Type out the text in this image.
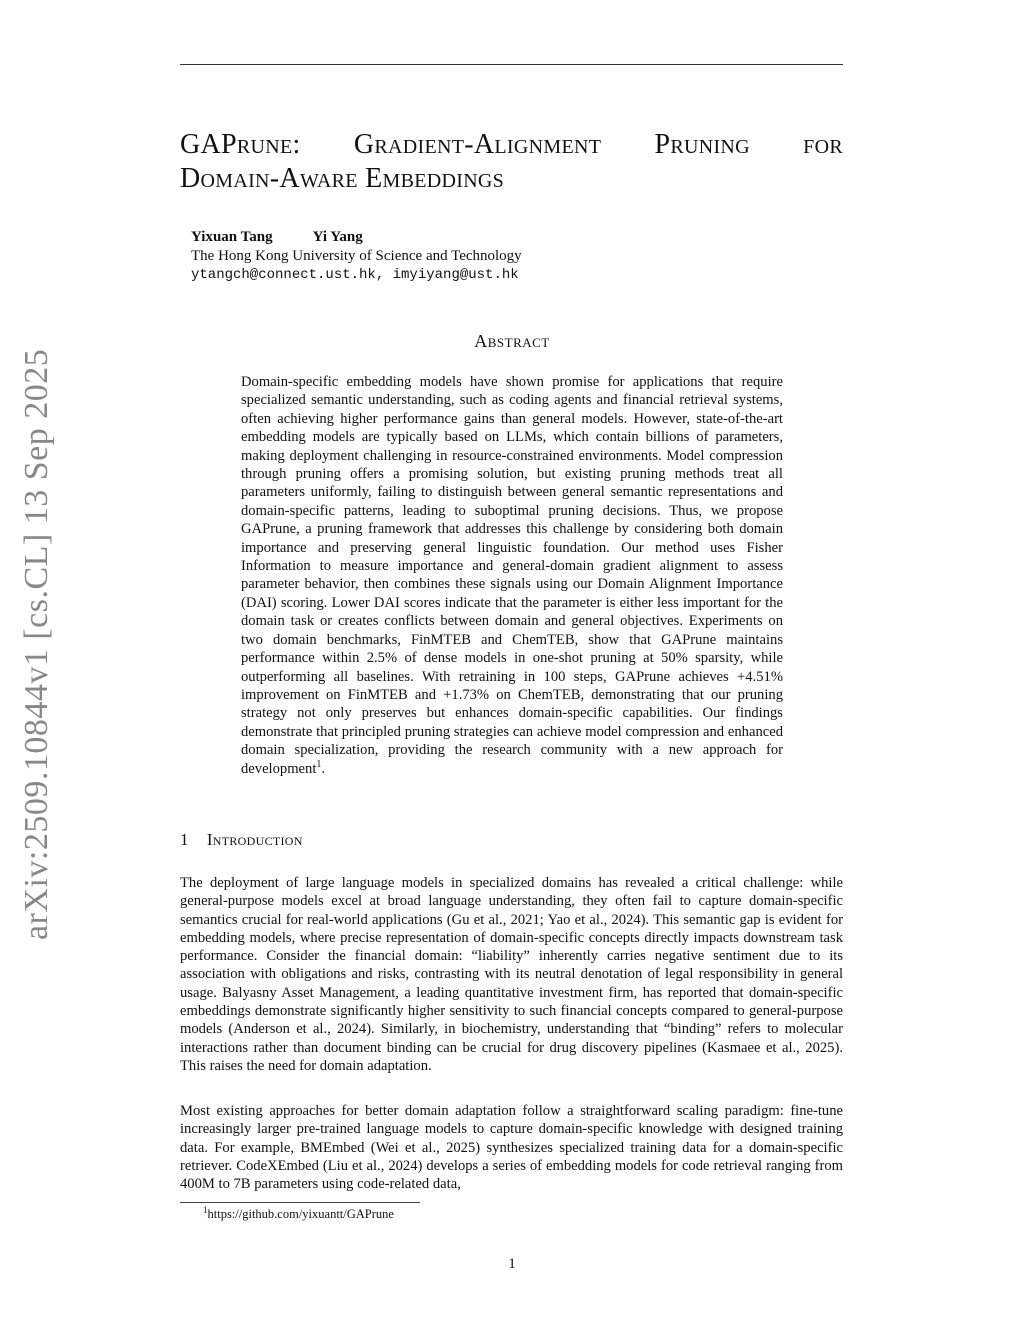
arXiv:2509.10844v1 [cs.CL] 13 Sep 2025
GAPrune: Gradient-Alignment Pruning for
Domain-Aware Embeddings
Yixuan Tang	Yi Yang
The Hong Kong University of Science and Technology
ytangch@connect.ust.hk, imyiyang@ust.hk
Abstract
Domain-specific embedding models have shown promise for applications that require specialized semantic understanding, such as coding agents and financial retrieval systems, often achieving higher performance gains than general models. However, state-of-the-art embedding models are typically based on LLMs, which contain billions of parameters, making deployment challenging in resource-constrained environments. Model compression through pruning offers a promising solution, but existing pruning methods treat all parameters uniformly, failing to distinguish between general semantic representations and domain-specific patterns, leading to suboptimal pruning decisions. Thus, we propose GAPrune, a pruning framework that addresses this challenge by considering both domain importance and preserving general linguistic foundation. Our method uses Fisher Information to measure importance and general-domain gradient alignment to assess parameter behavior, then combines these signals using our Domain Alignment Importance (DAI) scoring. Lower DAI scores indicate that the parameter is either less important for the domain task or creates conflicts between domain and general objectives. Experiments on two domain benchmarks, FinMTEB and ChemTEB, show that GAPrune maintains performance within 2.5% of dense models in one-shot pruning at 50% sparsity, while outperforming all baselines. With retraining in 100 steps, GAPrune achieves +4.51% improvement on FinMTEB and +1.73% on ChemTEB, demonstrating that our pruning strategy not only preserves but enhances domain-specific capabilities. Our findings demonstrate that principled pruning strategies can achieve model compression and enhanced domain specialization, providing the research community with a new approach for development$^1$.
1 Introduction
The deployment of large language models in specialized domains has revealed a critical challenge: while general-purpose models excel at broad language understanding, they often fail to capture domain-specific semantics crucial for real-world applications (Gu et al., 2021; Yao et al., 2024). This semantic gap is evident for embedding models, where precise representation of domain-specific concepts directly impacts downstream task performance. Consider the financial domain: “liability” inherently carries negative sentiment due to its association with obligations and risks, contrasting with its neutral denotation of legal responsibility in general usage. Balyasny Asset Management, a leading quantitative investment firm, has reported that domain-specific embeddings demonstrate significantly higher sensitivity to such financial concepts compared to general-purpose models (Anderson et al., 2024). Similarly, in biochemistry, understanding that “binding” refers to molecular interactions rather than document binding can be crucial for drug discovery pipelines (Kasmaee et al., 2025). This raises the need for domain adaptation.
Most existing approaches for better domain adaptation follow a straightforward scaling paradigm: fine-tune increasingly larger pre-trained language models to capture domain-specific knowledge with designed training data. For example, BMEmbed (Wei et al., 2025) synthesizes specialized training data for a domain-specific retriever. CodeXEmbed (Liu et al., 2024) develops a series of embedding models for code retrieval ranging from 400M to 7B parameters using code-related data,
$^1$https://github.com/yixuantt/GAPrune
1
